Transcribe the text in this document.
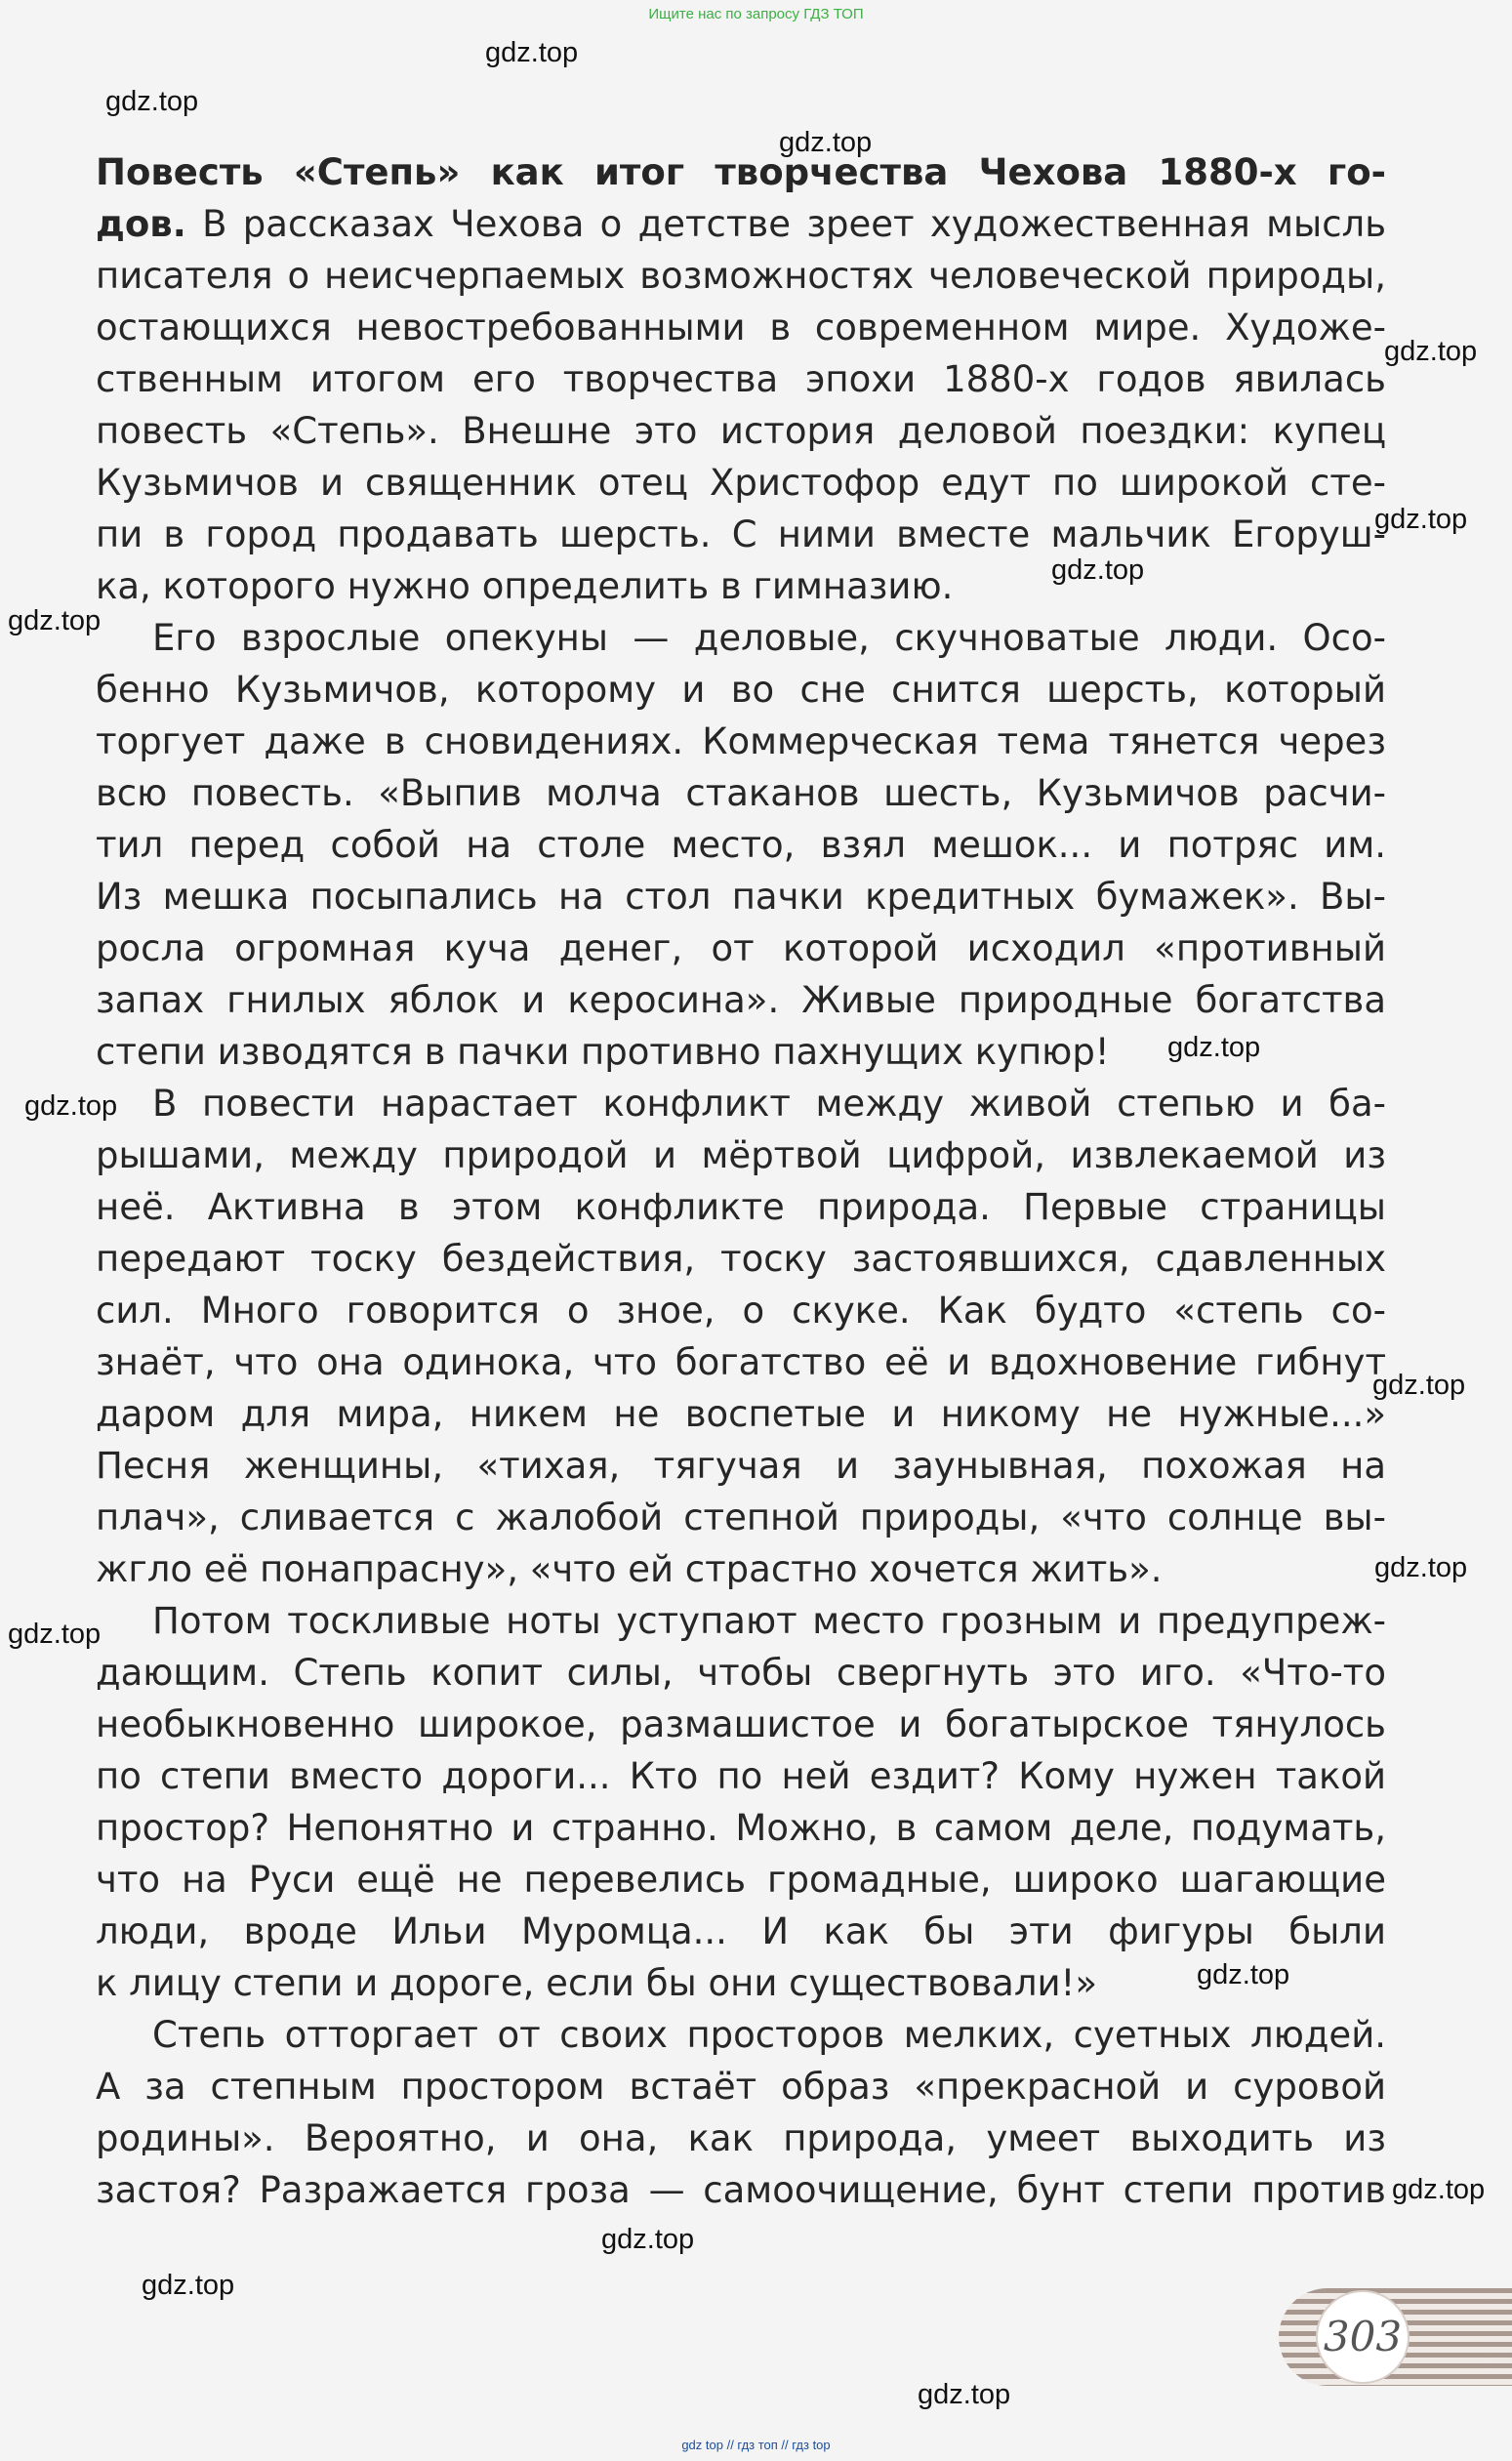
Ищите нас по запросу ГДЗ ТОП
Повесть «Степь» как итог творчества Чехова 1880-х го-
дов. В рассказах Чехова о детстве зреет художественная мысль
писателя о неисчерпаемых возможностях человеческой природы,
остающихся невостребованными в современном мире. Художе-
ственным итогом его творчества эпохи 1880-х годов явилась
повесть «Степь». Внешне это история деловой поездки: купец
Кузьмичов и священник отец Христофор едут по широкой сте-
пи в город продавать шерсть. С ними вместе мальчик Егоруш-
ка, которого нужно определить в гимназию.
Его взрослые опекуны — деловые, скучноватые люди. Осо-
бенно Кузьмичов, которому и во сне снится шерсть, который
торгует даже в сновидениях. Коммерческая тема тянется через
всю повесть. «Выпив молча стаканов шесть, Кузьмичов расчи-
тил перед собой на столе место, взял мешок... и потряс им.
Из мешка посыпались на стол пачки кредитных бумажек». Вы-
росла огромная куча денег, от которой исходил «противный
запах гнилых яблок и керосина». Живые природные богатства
степи изводятся в пачки противно пахнущих купюр!
В повести нарастает конфликт между живой степью и ба-
рышами, между природой и мёртвой цифрой, извлекаемой из
неё. Активна в этом конфликте природа. Первые страницы
передают тоску бездействия, тоску застоявшихся, сдавленных
сил. Много говорится о зное, о скуке. Как будто «степь со-
знаёт, что она одинока, что богатство её и вдохновение гибнут
даром для мира, никем не воспетые и никому не нужные...»
Песня женщины, «тихая, тягучая и заунывная, похожая на
плач», сливается с жалобой степной природы, «что солнце вы-
жгло её понапрасну», «что ей страстно хочется жить».
Потом тоскливые ноты уступают место грозным и предупреж-
дающим. Степь копит силы, чтобы свергнуть это иго. «Что-то
необыкновенно широкое, размашистое и богатырское тянулось
по степи вместо дороги... Кто по ней ездит? Кому нужен такой
простор? Непонятно и странно. Можно, в самом деле, подумать,
что на Руси ещё не перевелись громадные, широко шагающие
люди, вроде Ильи Муромца... И как бы эти фигуры были
к лицу степи и дороге, если бы они существовали!»
Степь отторгает от своих просторов мелких, суетных людей.
А за степным простором встаёт образ «прекрасной и суровой
родины». Вероятно, и она, как природа, умеет выходить из
застоя? Разражается гроза — самоочищение, бунт степи против
gdz.top
gdz.top
gdz.top
gdz.top
gdz.top
gdz.top
gdz.top
gdz.top
gdz.top
gdz.top
gdz.top
gdz.top
gdz.top
gdz.top
gdz.top
gdz.top
gdz.top
303
gdz top // гдз топ // гдз top
